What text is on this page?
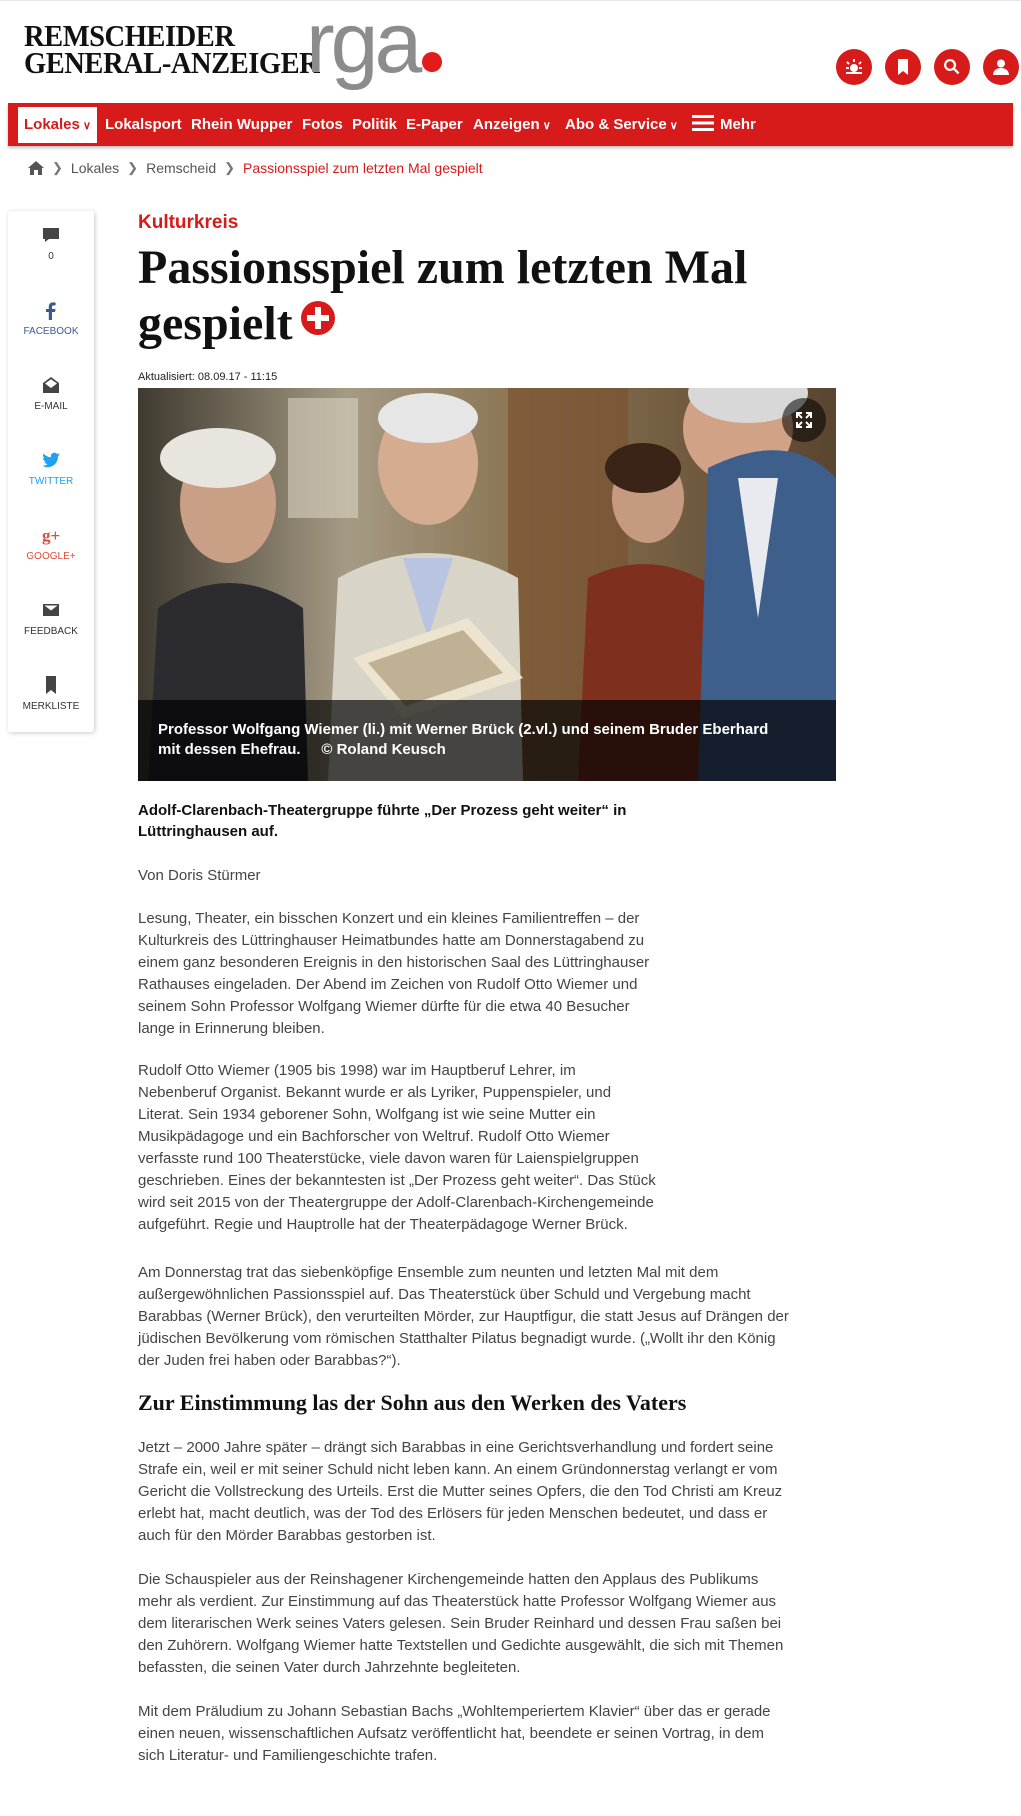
REMSCHEIDER
GENERAL-ANZEIGER
rga
Lokales ∨ Lokalsport Rhein Wupper Fotos Politik E-Paper Anzeigen ∨ Abo & Service ∨	Mehr
❯ Lokales ❯ Remscheid ❯ Passionsspiel zum letzten Mal gespielt
0
FACEBOOK
E-MAIL
TWITTER
g+
GOOGLE+
FEEDBACK
MERKLISTE
Kulturkreis
Passionsspiel zum letzten Mal
gespielt
Aktualisiert: 08.09.17 - 11:15
Professor Wolfgang Wiemer (li.) mit Werner Brück (2.vl.) und seinem Bruder Eberhard
mit dessen Ehefrau.     © Roland Keusch
Adolf-Clarenbach-Theatergruppe führte „Der Prozess geht weiter“ in
Lüttringhausen auf.
Von Doris Stürmer
Lesung, Theater, ein bisschen Konzert und ein kleines Familientreffen – der
Kulturkreis des Lüttringhauser Heimatbundes hatte am Donnerstagabend zu
einem ganz besonderen Ereignis in den historischen Saal des Lüttringhauser
Rathauses eingeladen. Der Abend im Zeichen von Rudolf Otto Wiemer und
seinem Sohn Professor Wolfgang Wiemer dürfte für die etwa 40 Besucher
lange in Erinnerung bleiben.
Rudolf Otto Wiemer (1905 bis 1998) war im Hauptberuf Lehrer, im
Nebenberuf Organist. Bekannt wurde er als Lyriker, Puppenspieler, und
Literat. Sein 1934 geborener Sohn, Wolfgang ist wie seine Mutter ein
Musikpädagoge und ein Bachforscher von Weltruf. Rudolf Otto Wiemer
verfasste rund 100 Theaterstücke, viele davon waren für Laienspielgruppen
geschrieben. Eines der bekanntesten ist „Der Prozess geht weiter“. Das Stück
wird seit 2015 von der Theatergruppe der Adolf-Clarenbach-Kirchengemeinde
aufgeführt. Regie und Hauptrolle hat der Theaterpädagoge Werner Brück.
Am Donnerstag trat das siebenköpfige Ensemble zum neunten und letzten Mal mit dem
außergewöhnlichen Passionsspiel auf. Das Theaterstück über Schuld und Vergebung macht
Barabbas (Werner Brück), den verurteilten Mörder, zur Hauptfigur, die statt Jesus auf Drängen der
jüdischen Bevölkerung vom römischen Statthalter Pilatus begnadigt wurde. („Wollt ihr den König
der Juden frei haben oder Barabbas?“).
Zur Einstimmung las der Sohn aus den Werken des Vaters
Jetzt – 2000 Jahre später – drängt sich Barabbas in eine Gerichtsverhandlung und fordert seine
Strafe ein, weil er mit seiner Schuld nicht leben kann. An einem Gründonnerstag verlangt er vom
Gericht die Vollstreckung des Urteils. Erst die Mutter seines Opfers, die den Tod Christi am Kreuz
erlebt hat, macht deutlich, was der Tod des Erlösers für jeden Menschen bedeutet, und dass er
auch für den Mörder Barabbas gestorben ist.
Die Schauspieler aus der Reinshagener Kirchengemeinde hatten den Applaus des Publikums
mehr als verdient. Zur Einstimmung auf das Theaterstück hatte Professor Wolfgang Wiemer aus
dem literarischen Werk seines Vaters gelesen. Sein Bruder Reinhard und dessen Frau saßen bei
den Zuhörern. Wolfgang Wiemer hatte Textstellen und Gedichte ausgewählt, die sich mit Themen
befassten, die seinen Vater durch Jahrzehnte begleiteten.
Mit dem Präludium zu Johann Sebastian Bachs „Wohltemperiertem Klavier“ über das er gerade
einen neuen, wissenschaftlichen Aufsatz veröffentlicht hat, beendete er seinen Vortrag, in dem
sich Literatur- und Familiengeschichte trafen.
